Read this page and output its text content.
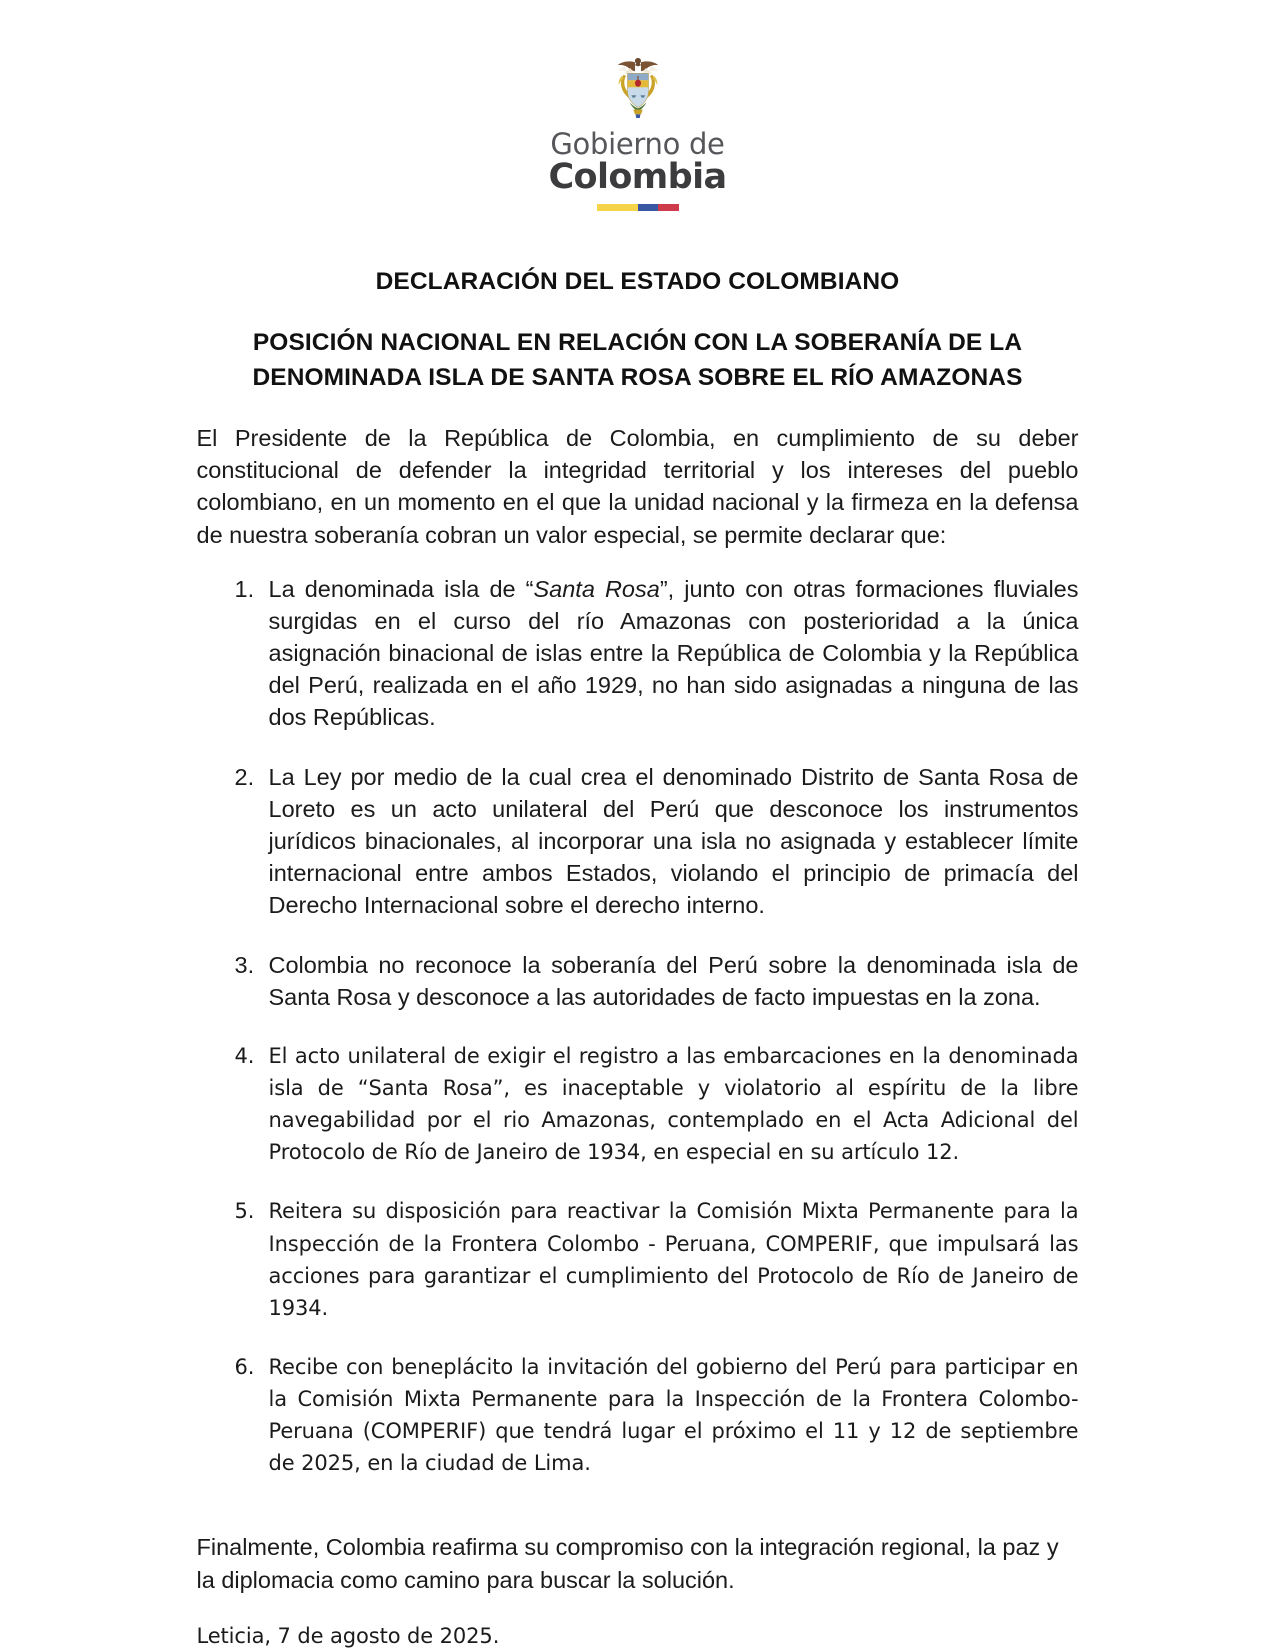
Gobierno de
Colombia
DECLARACIÓN DEL ESTADO COLOMBIANO
POSICIÓN NACIONAL EN RELACIÓN CON LA SOBERANÍA DE LA
DENOMINADA ISLA DE SANTA ROSA SOBRE EL RÍO AMAZONAS

El Presidente de la República de Colombia, en cumplimiento de su deber constitucional de defender la integridad territorial y los intereses del pueblo colombiano, en un momento en el que la unidad nacional y la firmeza en la defensa de nuestra soberanía cobran un valor especial, se permite declarar que:

La denominada isla de “Santa Rosa”, junto con otras formaciones fluviales surgidas en el curso del río Amazonas con posterioridad a la única asignación binacional de islas entre la República de Colombia y la República del Perú, realizada en el año 1929, no han sido asignadas a ninguna de las dos Repúblicas.
La Ley por medio de la cual crea el denominado Distrito de Santa Rosa de Loreto es un acto unilateral del Perú que desconoce los instrumentos jurídicos binacionales, al incorporar una isla no asignada y establecer límite internacional entre ambos Estados, violando el principio de primacía del Derecho Internacional sobre el derecho interno.
Colombia no reconoce la soberanía del Perú sobre la denominada isla de Santa Rosa y desconoce a las autoridades de facto impuestas en la zona.
El acto unilateral de exigir el registro a las embarcaciones en la denominada isla de “Santa Rosa”, es inaceptable y violatorio al espíritu de la libre navegabilidad por el rio Amazonas, contemplado en el Acta Adicional del Protocolo de Río de Janeiro de 1934, en especial en su artículo 12.
Reitera su disposición para reactivar la Comisión Mixta Permanente para la Inspección de la Frontera Colombo - Peruana, COMPERIF, que impulsará las acciones para garantizar el cumplimiento del Protocolo de Río de Janeiro de 1934.
Recibe con beneplácito la invitación del gobierno del Perú para participar en la Comisión Mixta Permanente para la Inspección de la Frontera Colombo-Peruana (COMPERIF) que tendrá lugar el próximo el 11 y 12 de septiembre de 2025, en la ciudad de Lima.

Finalmente, Colombia reafirma su compromiso con la integración regional, la paz y la diplomacia como camino para buscar la solución.

Leticia, 7 de agosto de 2025.
